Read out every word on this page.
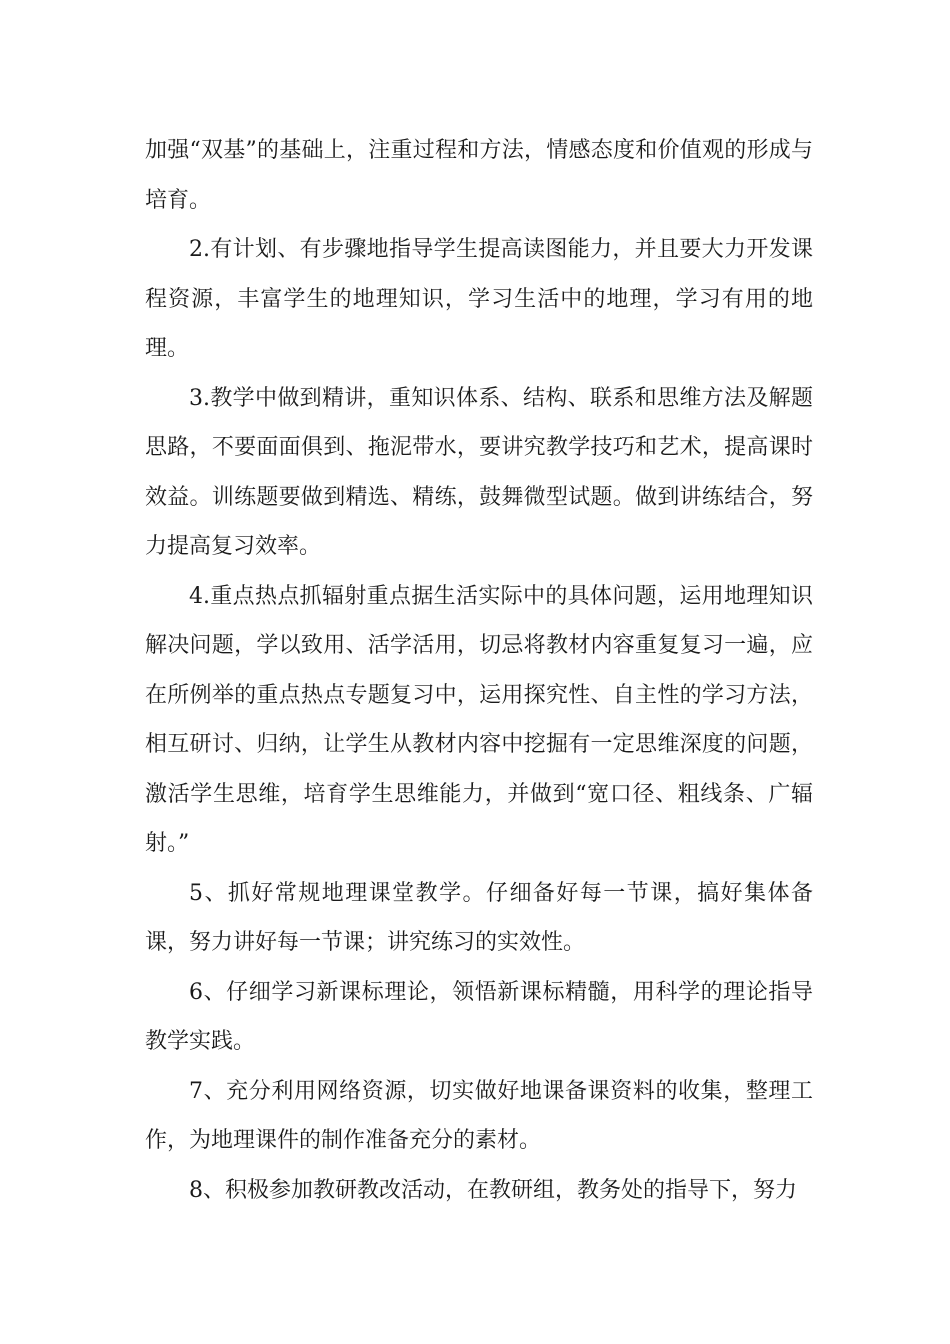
加强“双基”的基础上，注重过程和方法，情感态度和价值观的形成与培育。

2.有计划、有步骤地指导学生提高读图能力，并且要大力开发课程资源，丰富学生的地理知识，学习生活中的地理，学习有用的地理。

3.教学中做到精讲，重知识体系、结构、联系和思维方法及解题思路，不要面面俱到、拖泥带水，要讲究教学技巧和艺术，提高课时效益。训练题要做到精选、精练，鼓舞微型试题。做到讲练结合，努力提高复习效率。

4.重点热点抓辐射重点据生活实际中的具体问题，运用地理知识解决问题，学以致用、活学活用，切忌将教材内容重复复习一遍，应在所例举的重点热点专题复习中，运用探究性、自主性的学习方法，相互研讨、归纳，让学生从教材内容中挖掘有一定思维深度的问题，激活学生思维，培育学生思维能力，并做到“宽口径、粗线条、广辐射。”

5、抓好常规地理课堂教学。仔细备好每一节课，搞好集体备课，努力讲好每一节课；讲究练习的实效性。

6、仔细学习新课标理论，领悟新课标精髓，用科学的理论指导教学实践。

7、充分利用网络资源，切实做好地课备课资料的收集，整理工作，为地理课件的制作准备充分的素材。

8、积极参加教研教改活动，在教研组，教务处的指导下，努力
